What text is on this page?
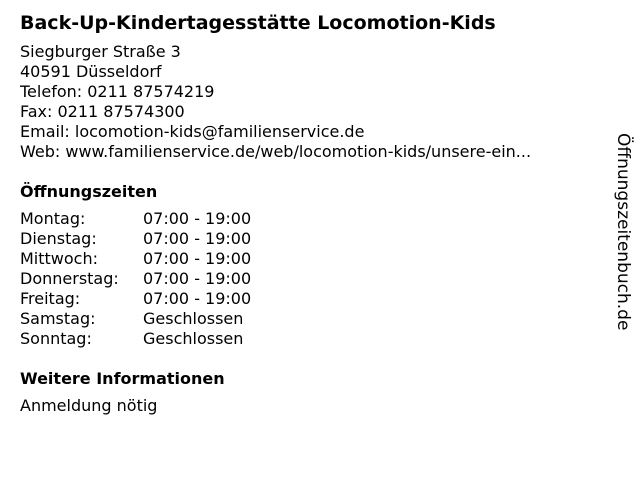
Back-Up-Kindertagesstätte Locomotion-Kids
Siegburger Straße 3
40591 Düsseldorf
Telefon: 0211 87574219
Fax: 0211 87574300
Email: locomotion-kids@familienservice.de
Web: www.familienservice.de/web/locomotion-kids/unsere-ein...
Öffnungszeiten
Montag:	07:00 - 19:00
Dienstag:	07:00 - 19:00
Mittwoch:	07:00 - 19:00
Donnerstag:	07:00 - 19:00
Freitag:	07:00 - 19:00
Samstag:	Geschlossen
Sonntag:	Geschlossen
Weitere Informationen
Anmeldung nötig
Öffnungszeitenbuch.de
